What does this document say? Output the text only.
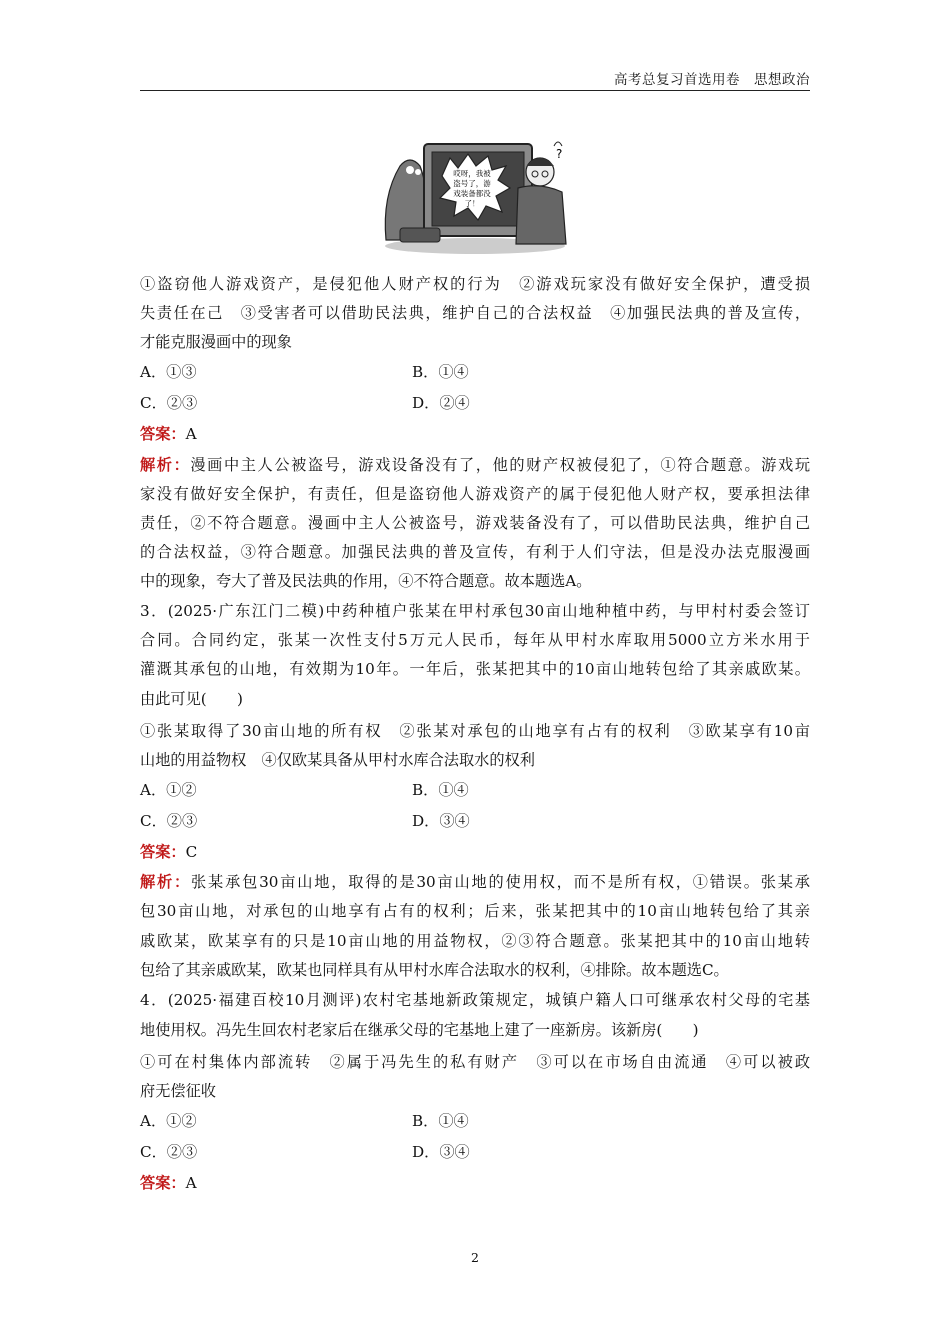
高考总复习首选用卷　思想政治
哎呀，我被
盗号了，游
戏装备都没
了！
?
①盗窃他人游戏资产，是侵犯他人财产权的行为　②游戏玩家没有做好安全保护，遭受损
失责任在己　③受害者可以借助民法典，维护自己的合法权益　④加强民法典的普及宣传，
才能克服漫画中的现象
A．①③	B．①④
C．②③	D．②④
答案：A
解析：漫画中主人公被盗号，游戏设备没有了，他的财产权被侵犯了，①符合题意。游戏玩
家没有做好安全保护，有责任，但是盗窃他人游戏资产的属于侵犯他人财产权，要承担法律
责任，②不符合题意。漫画中主人公被盗号，游戏装备没有了，可以借助民法典，维护自己
的合法权益，③符合题意。加强民法典的普及宣传，有利于人们守法，但是没办法克服漫画
中的现象，夸大了普及民法典的作用，④不符合题意。故本题选A。
3．(2025·广东江门二模)中药种植户张某在甲村承包30亩山地种植中药，与甲村村委会签订
合同。合同约定，张某一次性支付5万元人民币，每年从甲村水库取用5000立方米水用于
灌溉其承包的山地，有效期为10年。一年后，张某把其中的10亩山地转包给了其亲戚欧某。
由此可见(　　)
①张某取得了30亩山地的所有权　②张某对承包的山地享有占有的权利　③欧某享有10亩
山地的用益物权　④仅欧某具备从甲村水库合法取水的权利
A．①②	B．①④
C．②③	D．③④
答案：C
解析：张某承包30亩山地，取得的是30亩山地的使用权，而不是所有权，①错误。张某承
包30亩山地，对承包的山地享有占有的权利；后来，张某把其中的10亩山地转包给了其亲
戚欧某，欧某享有的只是10亩山地的用益物权，②③符合题意。张某把其中的10亩山地转
包给了其亲戚欧某，欧某也同样具有从甲村水库合法取水的权利，④排除。故本题选C。
4．(2025·福建百校10月测评)农村宅基地新政策规定，城镇户籍人口可继承农村父母的宅基
地使用权。冯先生回农村老家后在继承父母的宅基地上建了一座新房。该新房(　　)
①可在村集体内部流转　②属于冯先生的私有财产　③可以在市场自由流通　④可以被政
府无偿征收
A．①②	B．①④
C．②③	D．③④
答案：A
2
